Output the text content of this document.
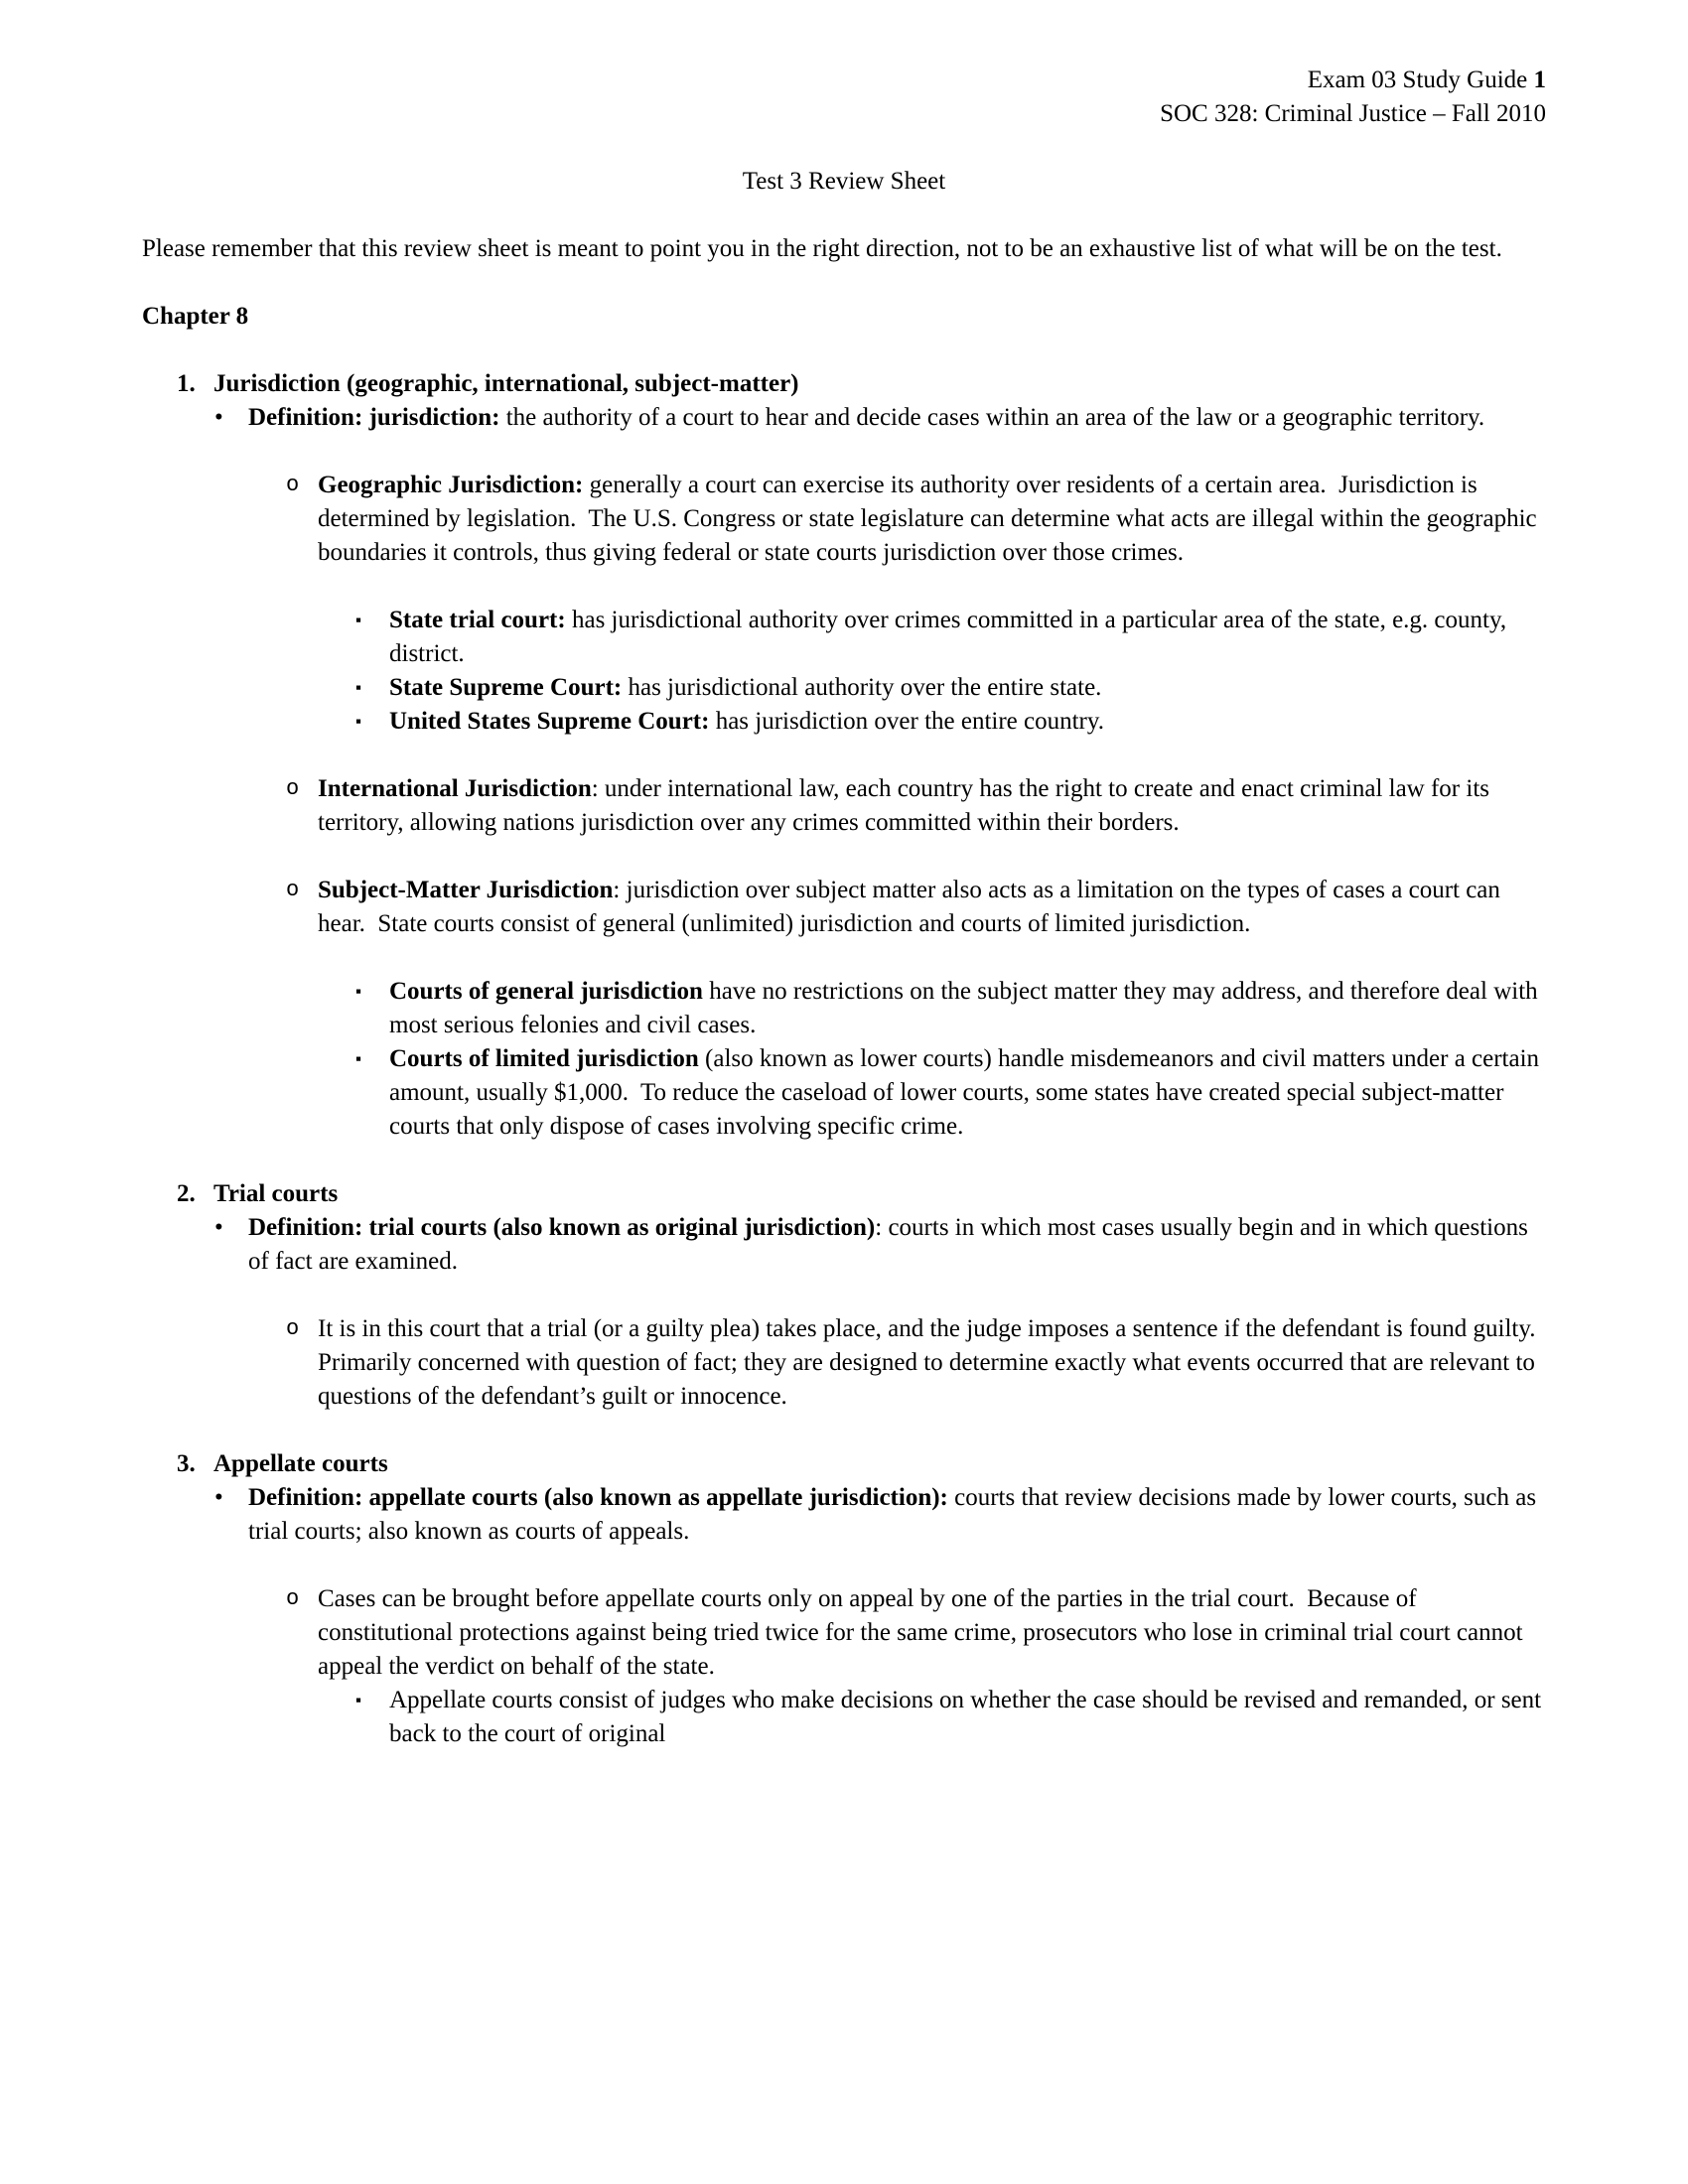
Exam 03 Study Guide 1
SOC 328: Criminal Justice – Fall 2010
Test 3 Review Sheet
Please remember that this review sheet is meant to point you in the right direction, not to be an exhaustive list of what will be on the test.
Chapter 8
1. Jurisdiction (geographic, international, subject-matter)
• Definition: jurisdiction: the authority of a court to hear and decide cases within an area of the law or a geographic territory.
o Geographic Jurisdiction: generally a court can exercise its authority over residents of a certain area.  Jurisdiction is determined by legislation.  The U.S. Congress or state legislature can determine what acts are illegal within the geographic boundaries it controls, thus giving federal or state courts jurisdiction over those crimes.
▪ State trial court: has jurisdictional authority over crimes committed in a particular area of the state, e.g. county, district.
▪ State Supreme Court: has jurisdictional authority over the entire state.
▪ United States Supreme Court: has jurisdiction over the entire country.
o International Jurisdiction: under international law, each country has the right to create and enact criminal law for its territory, allowing nations jurisdiction over any crimes committed within their borders.
o Subject-Matter Jurisdiction: jurisdiction over subject matter also acts as a limitation on the types of cases a court can hear.  State courts consist of general (unlimited) jurisdiction and courts of limited jurisdiction.
▪ Courts of general jurisdiction have no restrictions on the subject matter they may address, and therefore deal with most serious felonies and civil cases.
▪ Courts of limited jurisdiction (also known as lower courts) handle misdemeanors and civil matters under a certain amount, usually $1,000.  To reduce the caseload of lower courts, some states have created special subject-matter courts that only dispose of cases involving specific crime.
2. Trial courts
• Definition: trial courts (also known as original jurisdiction): courts in which most cases usually begin and in which questions of fact are examined.
o It is in this court that a trial (or a guilty plea) takes place, and the judge imposes a sentence if the defendant is found guilty.  Primarily concerned with question of fact; they are designed to determine exactly what events occurred that are relevant to questions of the defendant’s guilt or innocence.
3. Appellate courts
• Definition: appellate courts (also known as appellate jurisdiction): courts that review decisions made by lower courts, such as trial courts; also known as courts of appeals.
o Cases can be brought before appellate courts only on appeal by one of the parties in the trial court.  Because of constitutional protections against being tried twice for the same crime, prosecutors who lose in criminal trial court cannot appeal the verdict on behalf of the state.
▪ Appellate courts consist of judges who make decisions on whether the case should be revised and remanded, or sent back to the court of original
